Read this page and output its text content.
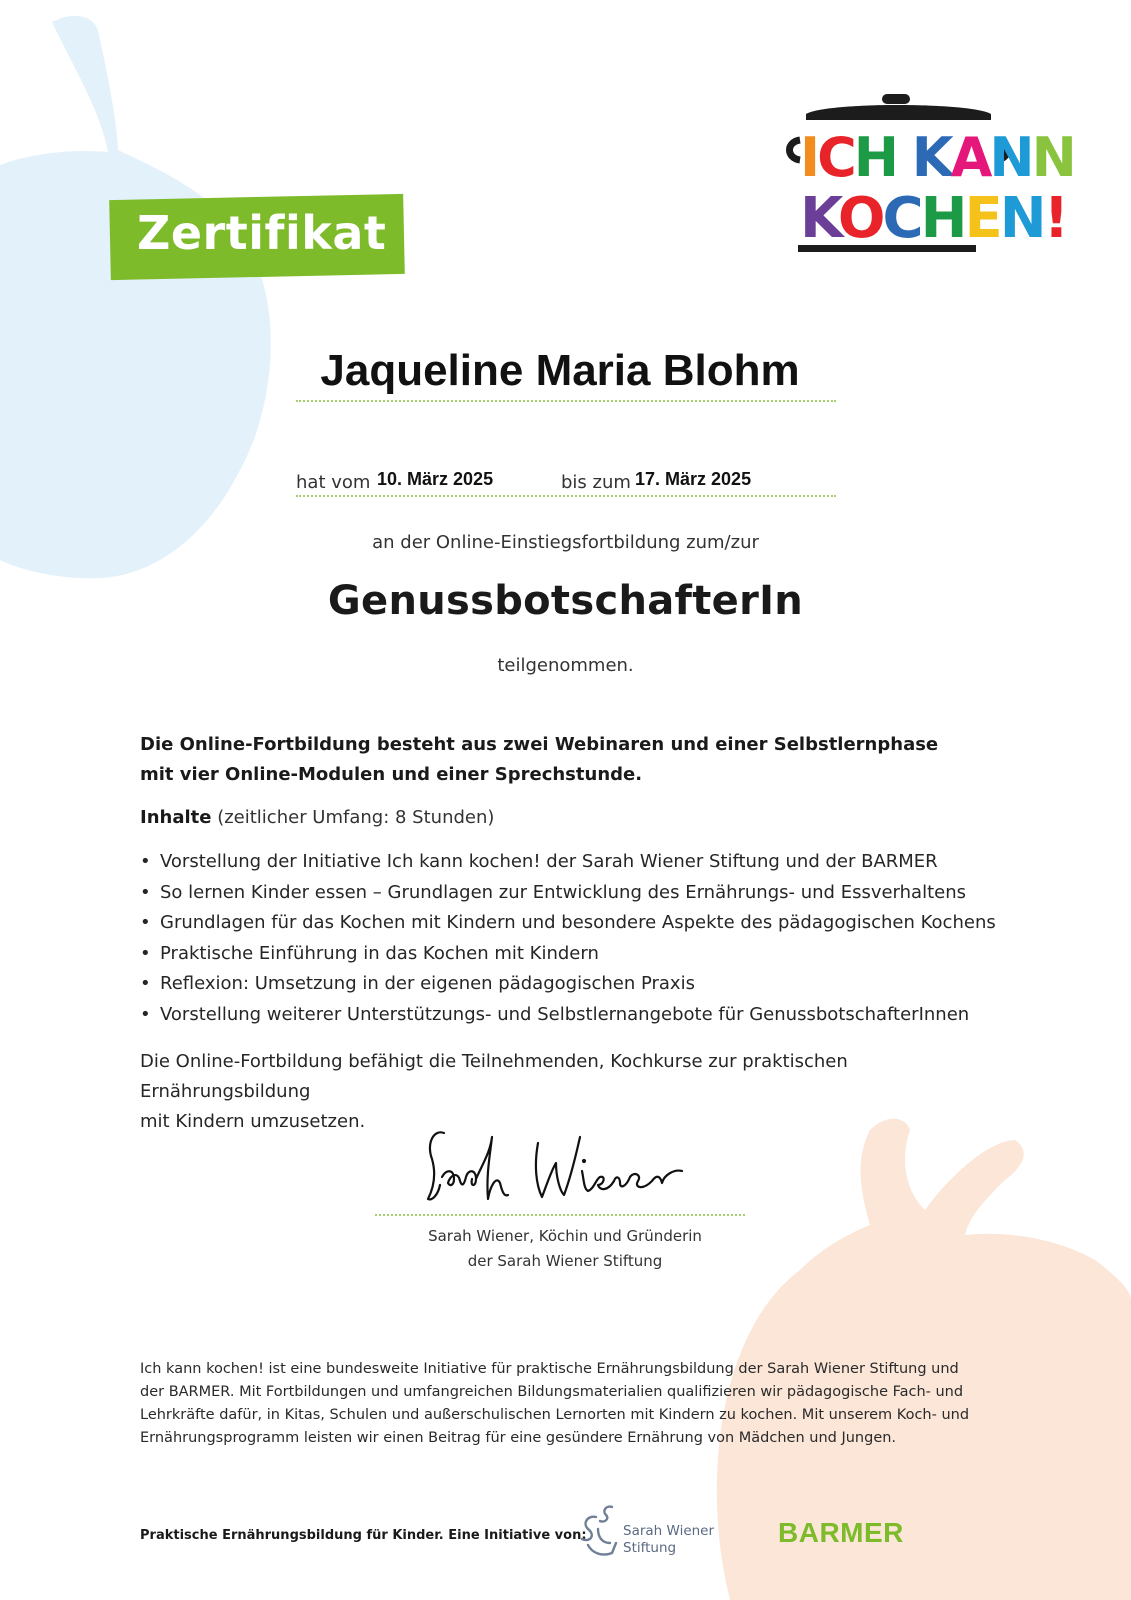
Zertifikat
ICH KANN
KOCHEN!
ICH KANN
Jaqueline Maria Blohm
hat vom 10. März 2025	bis zum 17. März 2025
an der Online-Einstiegsfortbildung zum/zur
GenussbotschafterIn
teilgenommen.
Die Online-Fortbildung besteht aus zwei Webinaren und einer Selbstlernphase
mit vier Online-Modulen und einer Sprechstunde.
Inhalte (zeitlicher Umfang: 8 Stunden)
• Vorstellung der Initiative Ich kann kochen! der Sarah Wiener Stiftung und der BARMER
• So lernen Kinder essen – Grundlagen zur Entwicklung des Ernährungs- und Essverhaltens
• Grundlagen für das Kochen mit Kindern und besondere Aspekte des pädagogischen Kochens
• Praktische Einführung in das Kochen mit Kindern
• Reflexion: Umsetzung in der eigenen pädagogischen Praxis
• Vorstellung weiterer Unterstützungs- und Selbstlernangebote für GenussbotschafterInnen
Die Online-Fortbildung befähigt die Teilnehmenden, Kochkurse zur praktischen Ernährungsbildung
mit Kindern umzusetzen.
Sarah Wiener, Köchin und Gründerin
der Sarah Wiener Stiftung
Ich kann kochen! ist eine bundesweite Initiative für praktische Ernährungsbildung der Sarah Wiener Stiftung und
der BARMER. Mit Fortbildungen und umfangreichen Bildungsmaterialien qualifizieren wir pädagogische Fach- und
Lehrkräfte dafür, in Kitas, Schulen und außerschulischen Lernorten mit Kindern zu kochen. Mit unserem Koch- und
Ernährungsprogramm leisten wir einen Beitrag für eine gesündere Ernährung von Mädchen und Jungen.
Praktische Ernährungsbildung für Kinder. Eine Initiative von:	Sarah Wiener
Stiftung	BARMER
